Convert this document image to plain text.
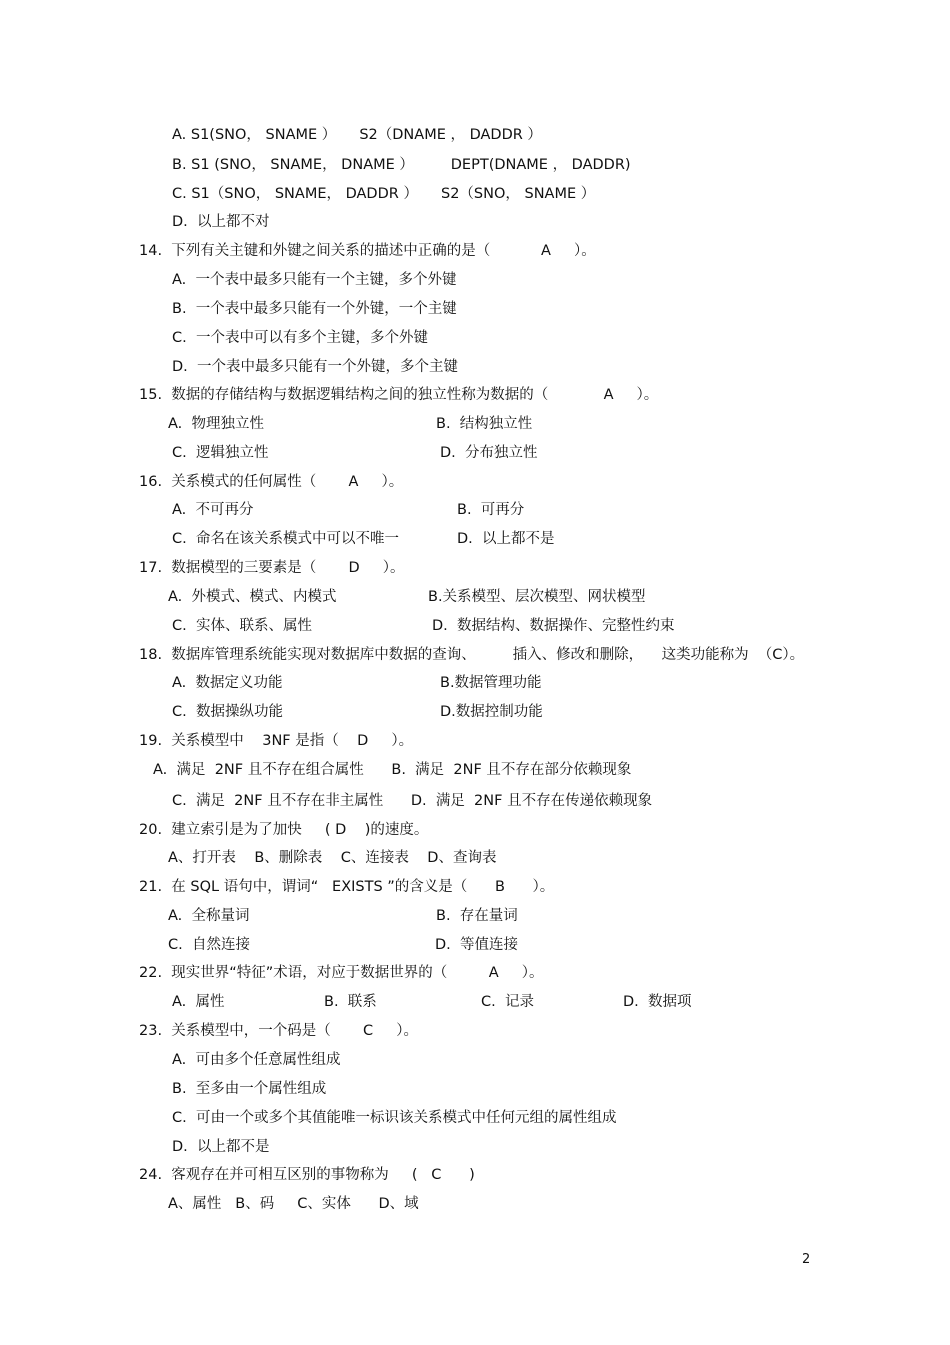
A. S1(SNO， SNAME ）     S2（DNAME ， DADDR ）
B. S1 (SNO， SNAME， DNAME ）        DEPT(DNAME ， DADDR)
C. S1（SNO， SNAME， DADDR ）     S2（SNO， SNAME ）
D.  以上都不对
14.  下列有关主键和外键之间关系的描述中正确的是（           A     ）。
A.  一个表中最多只能有一个主键，多个外键
B.  一个表中最多只能有一个外键，一个主键
C.  一个表中可以有多个主键，多个外键
D.  一个表中最多只能有一个外键，多个主键
15.  数据的存储结构与数据逻辑结构之间的独立性称为数据的（            A     ）。
A.  物理独立性	B.  结构独立性
C.  逻辑独立性	D.  分布独立性
16.  关系模式的任何属性（       A     ）。
A.  不可再分	B.  可再分
C.  命名在该关系模式中可以不唯一	D.  以上都不是
17.  数据模型的三要素是（       D     ）。
A.  外模式、模式、内模式	B.关系模型、层次模型、网状模型
C.  实体、联系、属性	D.  数据结构、数据操作、完整性约束
18.  数据库管理系统能实现对数据库中数据的查询、        插入、修改和删除，    这类功能称为  （C）。
A.  数据定义功能	B.数据管理功能
C.  数据操纵功能	D.数据控制功能
19.  关系模型中    3NF 是指（    D     ）。
A.  满足  2NF 且不存在组合属性      B.  满足  2NF 且不存在部分依赖现象
C.  满足  2NF 且不存在非主属性      D.  满足  2NF 且不存在传递依赖现象
20.  建立索引是为了加快     ( D    )的速度。
A、打开表    B、删除表    C、连接表    D、查询表
21.  在 SQL 语句中，谓词“   EXISTS ”的含义是（      B      ）。
A.  全称量词	B.  存在量词
C.  自然连接	D.  等值连接
22.  现实世界“特征”术语，对应于数据世界的（         A     ）。
A.  属性	B.  联系	C.  记录	D.  数据项
23.  关系模型中，一个码是（       C     ）。
A.  可由多个任意属性组成
B.  至多由一个属性组成
C.  可由一个或多个其值能唯一标识该关系模式中任何元组的属性组成
D.  以上都不是
24.  客观存在并可相互区别的事物称为     (   C      )
A、属性   B、码     C、实体      D、域
2
